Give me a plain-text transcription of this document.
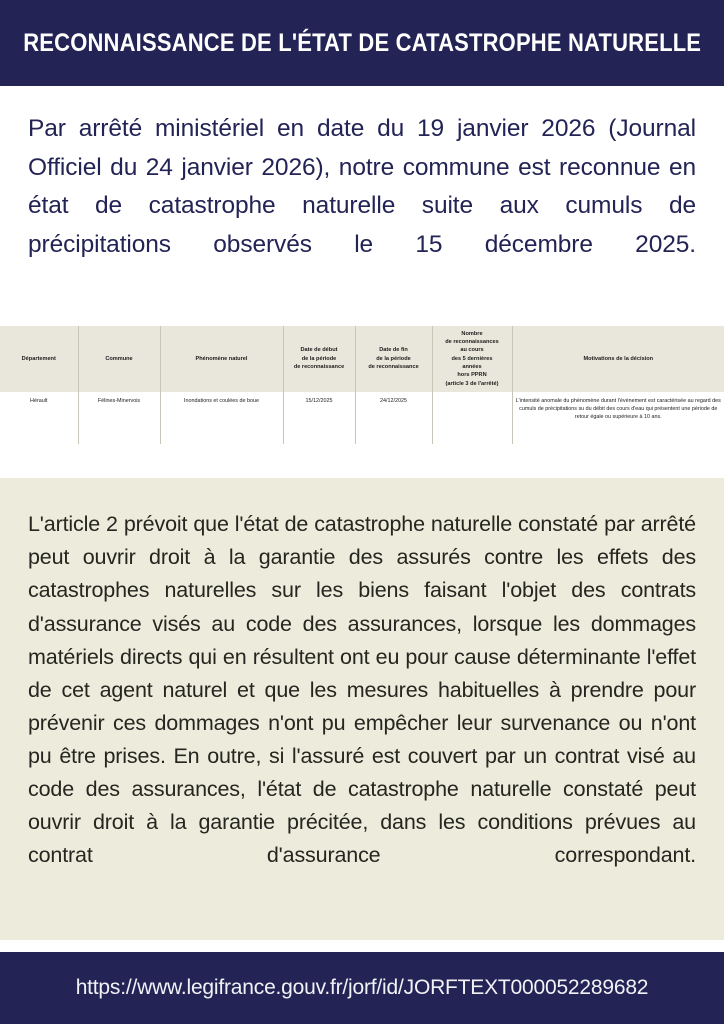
RECONNAISSANCE DE L'ÉTAT DE CATASTROPHE NATURELLE

Par arrêté ministériel en date du 19 janvier 2026 (Journal Officiel du 24 janvier 2026), notre commune est reconnue en état de catastrophe naturelle suite aux cumuls de précipitations observés le 15 décembre 2025.

Département	Commune	Phénomène naturel	Date de début
de la période
de reconnaissance	Date de fin
de la période
de reconnaissance	Nombre
de reconnaissances
au cours
des 5 dernières
années
hors PPRN
(article 3 de l'arrêté)	Motivations de la décision
Hérault	Félines-Minervois	Inondations et coulées de boue	15/12/2025	24/12/2025		L'intensité anomale du phénomène durant l'évènement est caractérisée au regard des cumuls de précipitations su du débit des cours d'eau qui présentent une période de retour égale ou supérieure à 10 ans.

L'article 2 prévoit que l'état de catastrophe naturelle constaté par arrêté peut ouvrir droit à la garantie des assurés contre les effets des catastrophes naturelles sur les biens faisant l'objet des contrats d'assurance visés au code des assurances, lorsque les dommages matériels directs qui en résultent ont eu pour cause déterminante l'effet de cet agent naturel et que les mesures habituelles à prendre pour prévenir ces dommages n'ont pu empêcher leur survenance ou n'ont pu être prises. En outre, si l'assuré est couvert par un contrat visé au code des assurances, l'état de catastrophe naturelle constaté peut ouvrir droit à la garantie précitée, dans les conditions prévues au contrat d'assurance correspondant.

https://www.legifrance.gouv.fr/jorf/id/JORFTEXT000052289682
